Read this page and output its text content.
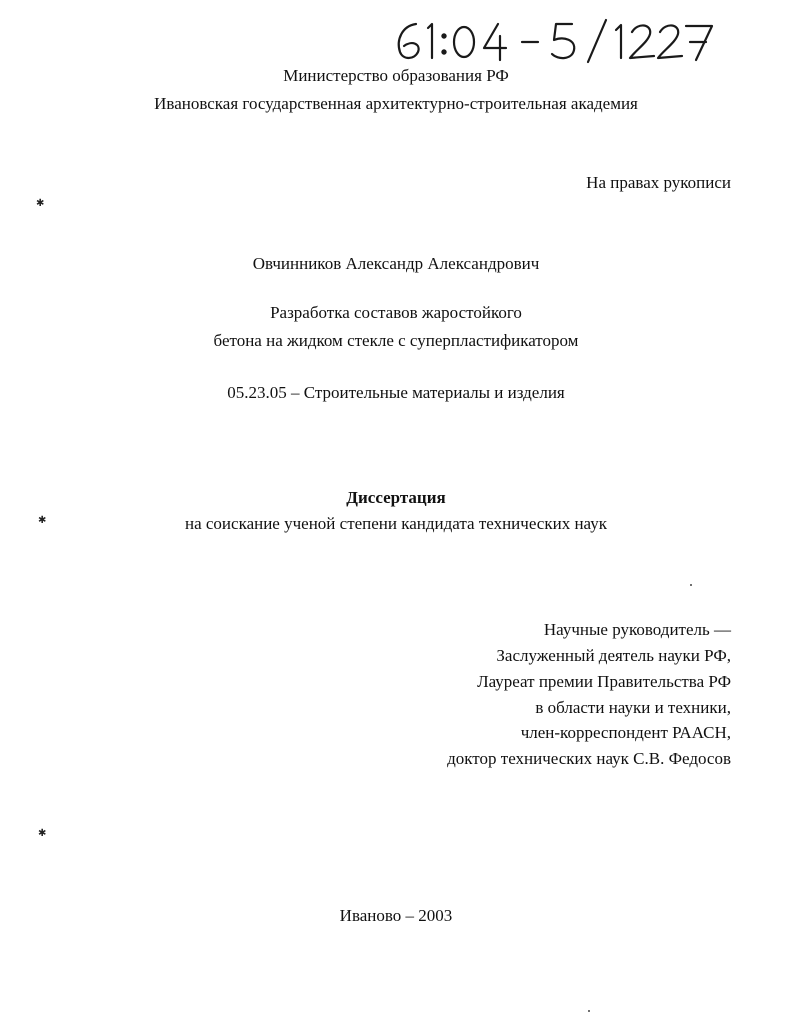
Министерство образования РФ
Ивановская государственная архитектурно-строительная академия
На правах рукописи
Овчинников Александр Александрович
Разработка составов жаростойкого
бетона на жидком стекле с суперпластификатором
05.23.05 – Строительные материалы и изделия
Диссертация
на соискание ученой степени кандидата технических наук
Научные руководитель —
Заслуженный деятель науки РФ,
Лауреат премии Правительства РФ
в области науки и техники,
член-корреспондент РААСН,
доктор технических наук С.В. Федосов
Иваново – 2003
✱
✱
✱
